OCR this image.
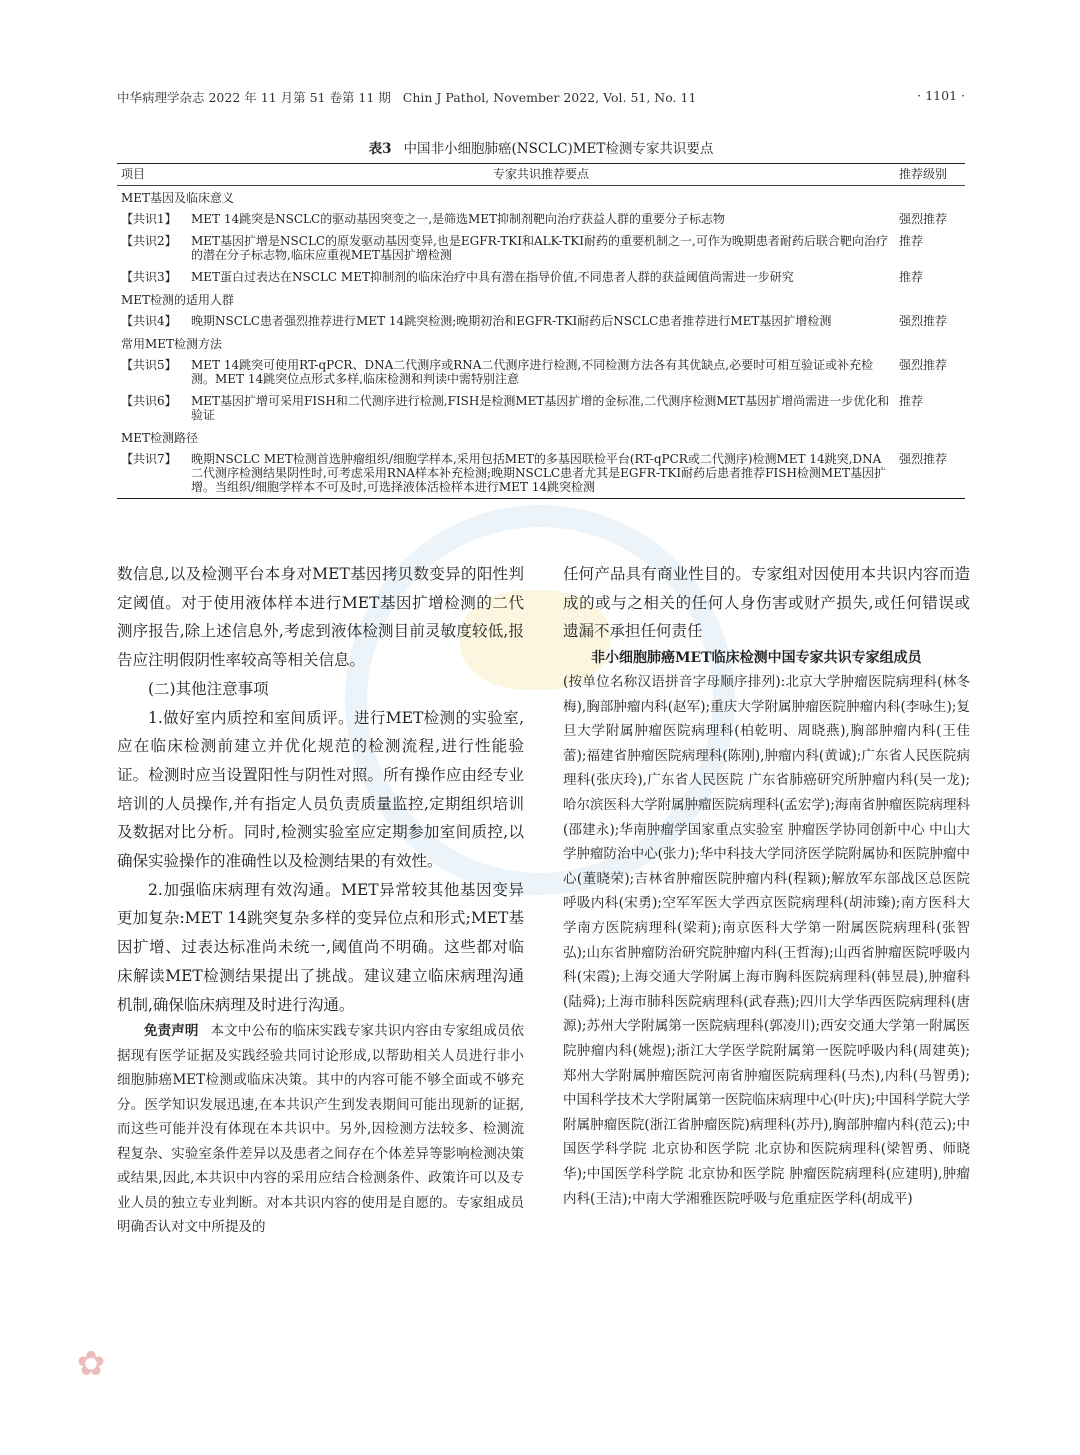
中华病理学杂志 2022 年 11 月第 51 卷第 11 期 Chin J Pathol, November 2022, Vol. 51, No. 11	· 1101 ·
表3 中国非小细胞肺癌(NSCLC)MET检测专家共识要点
项目	专家共识推荐要点	推荐级别
MET基因及临床意义		
【共识1】	MET 14跳突是NSCLC的驱动基因突变之一,是筛选MET抑制剂靶向治疗获益人群的重要分子标志物	强烈推荐
【共识2】	MET基因扩增是NSCLC的原发驱动基因变异,也是EGFR-TKI和ALK-TKI耐药的重要机制之一,可作为晚期患者耐药后联合靶向治疗的潜在分子标志物,临床应重视MET基因扩增检测	推荐
【共识3】	MET蛋白过表达在NSCLC MET抑制剂的临床治疗中具有潜在指导价值,不同患者人群的获益阈值尚需进一步研究	推荐
MET检测的适用人群		
【共识4】	晚期NSCLC患者强烈推荐进行MET 14跳突检测;晚期初治和EGFR-TKI耐药后NSCLC患者推荐进行MET基因扩增检测	强烈推荐
常用MET检测方法		
【共识5】	MET 14跳突可使用RT-qPCR、DNA二代测序或RNA二代测序进行检测,不同检测方法各有其优缺点,必要时可相互验证或补充检测。MET 14跳突位点形式多样,临床检测和判读中需特别注意	强烈推荐
【共识6】	MET基因扩增可采用FISH和二代测序进行检测,FISH是检测MET基因扩增的金标准,二代测序检测MET基因扩增尚需进一步优化和验证	推荐
MET检测路径		
【共识7】	晚期NSCLC MET检测首选肿瘤组织/细胞学样本,采用包括MET的多基因联检平台(RT-qPCR或二代测序)检测MET 14跳突,DNA二代测序检测结果阴性时,可考虑采用RNA样本补充检测;晚期NSCLC患者尤其是EGFR-TKI耐药后患者推荐FISH检测MET基因扩增。当组织/细胞学样本不可及时,可选择液体活检样本进行MET 14跳突检测	强烈推荐

数信息,以及检测平台本身对MET基因拷贝数变异的阳性判定阈值。对于使用液体样本进行MET基因扩增检测的二代测序报告,除上述信息外,考虑到液体检测目前灵敏度较低,报告应注明假阴性率较高等相关信息。

(二)其他注意事项

1.做好室内质控和室间质评。进行MET检测的实验室,应在临床检测前建立并优化规范的检测流程,进行性能验证。检测时应当设置阳性与阴性对照。所有操作应由经专业培训的人员操作,并有指定人员负责质量监控,定期组织培训及数据对比分析。同时,检测实验室应定期参加室间质控,以确保实验操作的准确性以及检测结果的有效性。

2.加强临床病理有效沟通。MET异常较其他基因变异更加复杂:MET 14跳突复杂多样的变异位点和形式;MET基因扩增、过表达标准尚未统一,阈值尚不明确。这些都对临床解读MET检测结果提出了挑战。建议建立临床病理沟通机制,确保临床病理及时进行沟通。

免责声明 本文中公布的临床实践专家共识内容由专家组成员依据现有医学证据及实践经验共同讨论形成,以帮助相关人员进行非小细胞肺癌MET检测或临床决策。其中的内容可能不够全面或不够充分。医学知识发展迅速,在本共识产生到发表期间可能出现新的证据,而这些可能并没有体现在本共识中。另外,因检测方法较多、检测流程复杂、实验室条件差异以及患者之间存在个体差异等影响检测决策或结果,因此,本共识中内容的采用应结合检测条件、政策许可以及专业人员的独立专业判断。对本共识内容的使用是自愿的。专家组成员明确否认对文中所提及的

任何产品具有商业性目的。专家组对因使用本共识内容而造成的或与之相关的任何人身伤害或财产损失,或任何错误或遗漏不承担任何责任

非小细胞肺癌MET临床检测中国专家共识专家组成员

(按单位名称汉语拼音字母顺序排列):北京大学肿瘤医院病理科(林冬梅),胸部肿瘤内科(赵军);重庆大学附属肿瘤医院肿瘤内科(李咏生);复旦大学附属肿瘤医院病理科(柏乾明、周晓燕),胸部肿瘤内科(王佳蕾);福建省肿瘤医院病理科(陈刚),肿瘤内科(黄诚);广东省人民医院病理科(张庆玲),广东省人民医院 广东省肺癌研究所肿瘤内科(吴一龙);哈尔滨医科大学附属肿瘤医院病理科(孟宏学);海南省肿瘤医院病理科(邵建永);华南肿瘤学国家重点实验室 肿瘤医学协同创新中心 中山大学肿瘤防治中心(张力);华中科技大学同济医学院附属协和医院肿瘤中心(董晓荣);吉林省肿瘤医院肿瘤内科(程颖);解放军东部战区总医院呼吸内科(宋勇);空军军医大学西京医院病理科(胡沛臻);南方医科大学南方医院病理科(梁莉);南京医科大学第一附属医院病理科(张智弘);山东省肿瘤防治研究院肿瘤内科(王哲海);山西省肿瘤医院呼吸内科(宋霞);上海交通大学附属上海市胸科医院病理科(韩昱晨),肿瘤科(陆舜);上海市肺科医院病理科(武春燕);四川大学华西医院病理科(唐源);苏州大学附属第一医院病理科(郭凌川);西安交通大学第一附属医院肿瘤内科(姚煜);浙江大学医学院附属第一医院呼吸内科(周建英);郑州大学附属肿瘤医院河南省肿瘤医院病理科(马杰),内科(马智勇);中国科学技术大学附属第一医院临床病理中心(叶庆);中国科学院大学附属肿瘤医院(浙江省肿瘤医院)病理科(苏丹),胸部肿瘤内科(范云);中国医学科学院 北京协和医学院 北京协和医院病理科(梁智勇、师晓华);中国医学科学院 北京协和医学院 肿瘤医院病理科(应建明),肿瘤内科(王洁);中南大学湘雅医院呼吸与危重症医学科(胡成平)

✿
